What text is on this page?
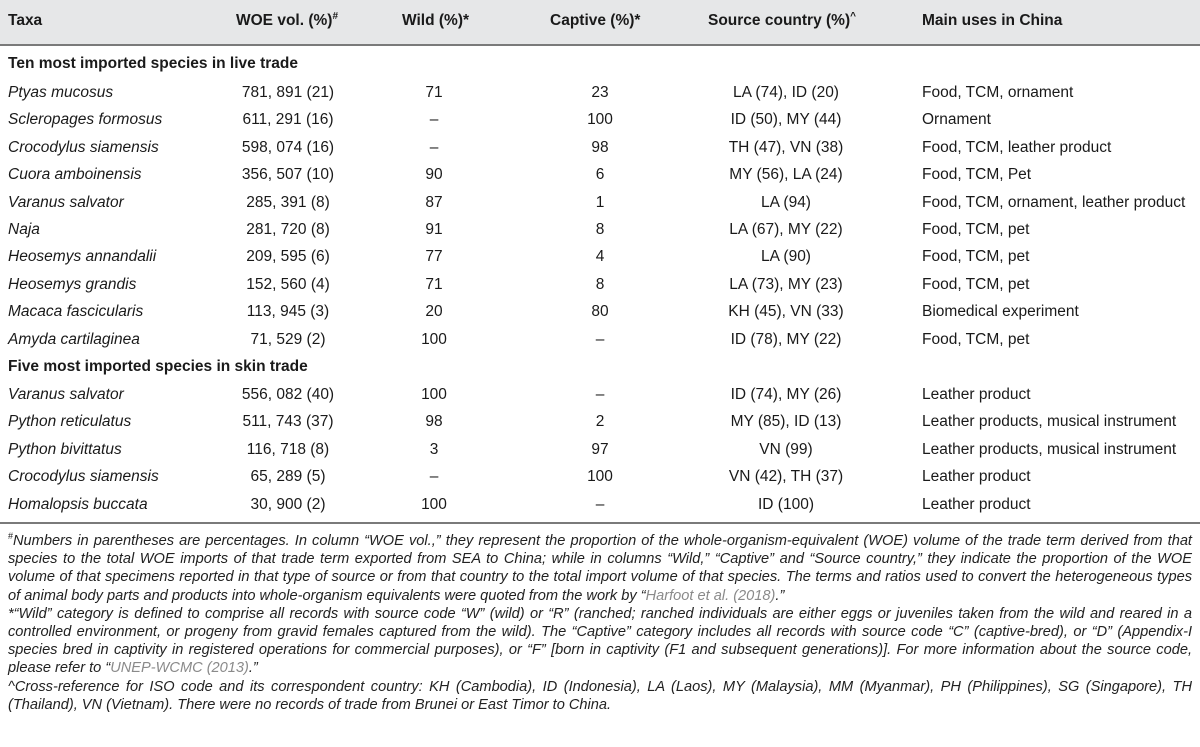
Taxa	WOE vol. (%)#	Wild (%)*	Captive (%)*	Source country (%)^	Main uses in China
Ten most imported species in live trade
Ptyas mucosus	781, 891 (21)	71	23	LA (74), ID (20)	Food, TCM, ornament
Scleropages formosus	611, 291 (16)	–	100	ID (50), MY (44)	Ornament
Crocodylus siamensis	598, 074 (16)	–	98	TH (47), VN (38)	Food, TCM, leather product
Cuora amboinensis	356, 507 (10)	90	6	MY (56), LA (24)	Food, TCM, Pet
Varanus salvator	285, 391 (8)	87	1	LA (94)	Food, TCM, ornament, leather product
Naja	281, 720 (8)	91	8	LA (67), MY (22)	Food, TCM, pet
Heosemys annandalii	209, 595 (6)	77	4	LA (90)	Food, TCM, pet
Heosemys grandis	152, 560 (4)	71	8	LA (73), MY (23)	Food, TCM, pet
Macaca fascicularis	113, 945 (3)	20	80	KH (45), VN (33)	Biomedical experiment
Amyda cartilaginea	71, 529 (2)	100	–	ID (78), MY (22)	Food, TCM, pet
Five most imported species in skin trade
Varanus salvator	556, 082 (40)	100	–	ID (74), MY (26)	Leather product
Python reticulatus	511, 743 (37)	98	2	MY (85), ID (13)	Leather products, musical instrument
Python bivittatus	116, 718 (8)	3	97	VN (99)	Leather products, musical instrument
Crocodylus siamensis	65, 289 (5)	–	100	VN (42), TH (37)	Leather product
Homalopsis buccata	30, 900 (2)	100	–	ID (100)	Leather product

#Numbers in parentheses are percentages. In column “WOE vol.,” they represent the proportion of the whole-organism-equivalent (WOE) volume of the trade term derived from that species to the total WOE imports of that trade term exported from SEA to China; while in columns “Wild,” “Captive” and “Source country,” they indicate the proportion of the WOE volume of that specimens reported in that type of source or from that country to the total import volume of that species. The terms and ratios used to convert the heterogeneous types of animal body parts and products into whole-organism equivalents were quoted from the work by “Harfoot et al. (2018).”

*“Wild” category is defined to comprise all records with source code “W” (wild) or “R” (ranched; ranched individuals are either eggs or juveniles taken from the wild and reared in a controlled environment, or progeny from gravid females captured from the wild). The “Captive” category includes all records with source code “C” (captive-bred), or “D” (Appendix-I species bred in captivity in registered operations for commercial purposes), or “F” [born in captivity (F1 and subsequent generations)]. For more information about the source code, please refer to “UNEP-WCMC (2013).”

^Cross-reference for ISO code and its correspondent country: KH (Cambodia), ID (Indonesia), LA (Laos), MY (Malaysia), MM (Myanmar), PH (Philippines), SG (Singapore), TH (Thailand), VN (Vietnam). There were no records of trade from Brunei or East Timor to China.
